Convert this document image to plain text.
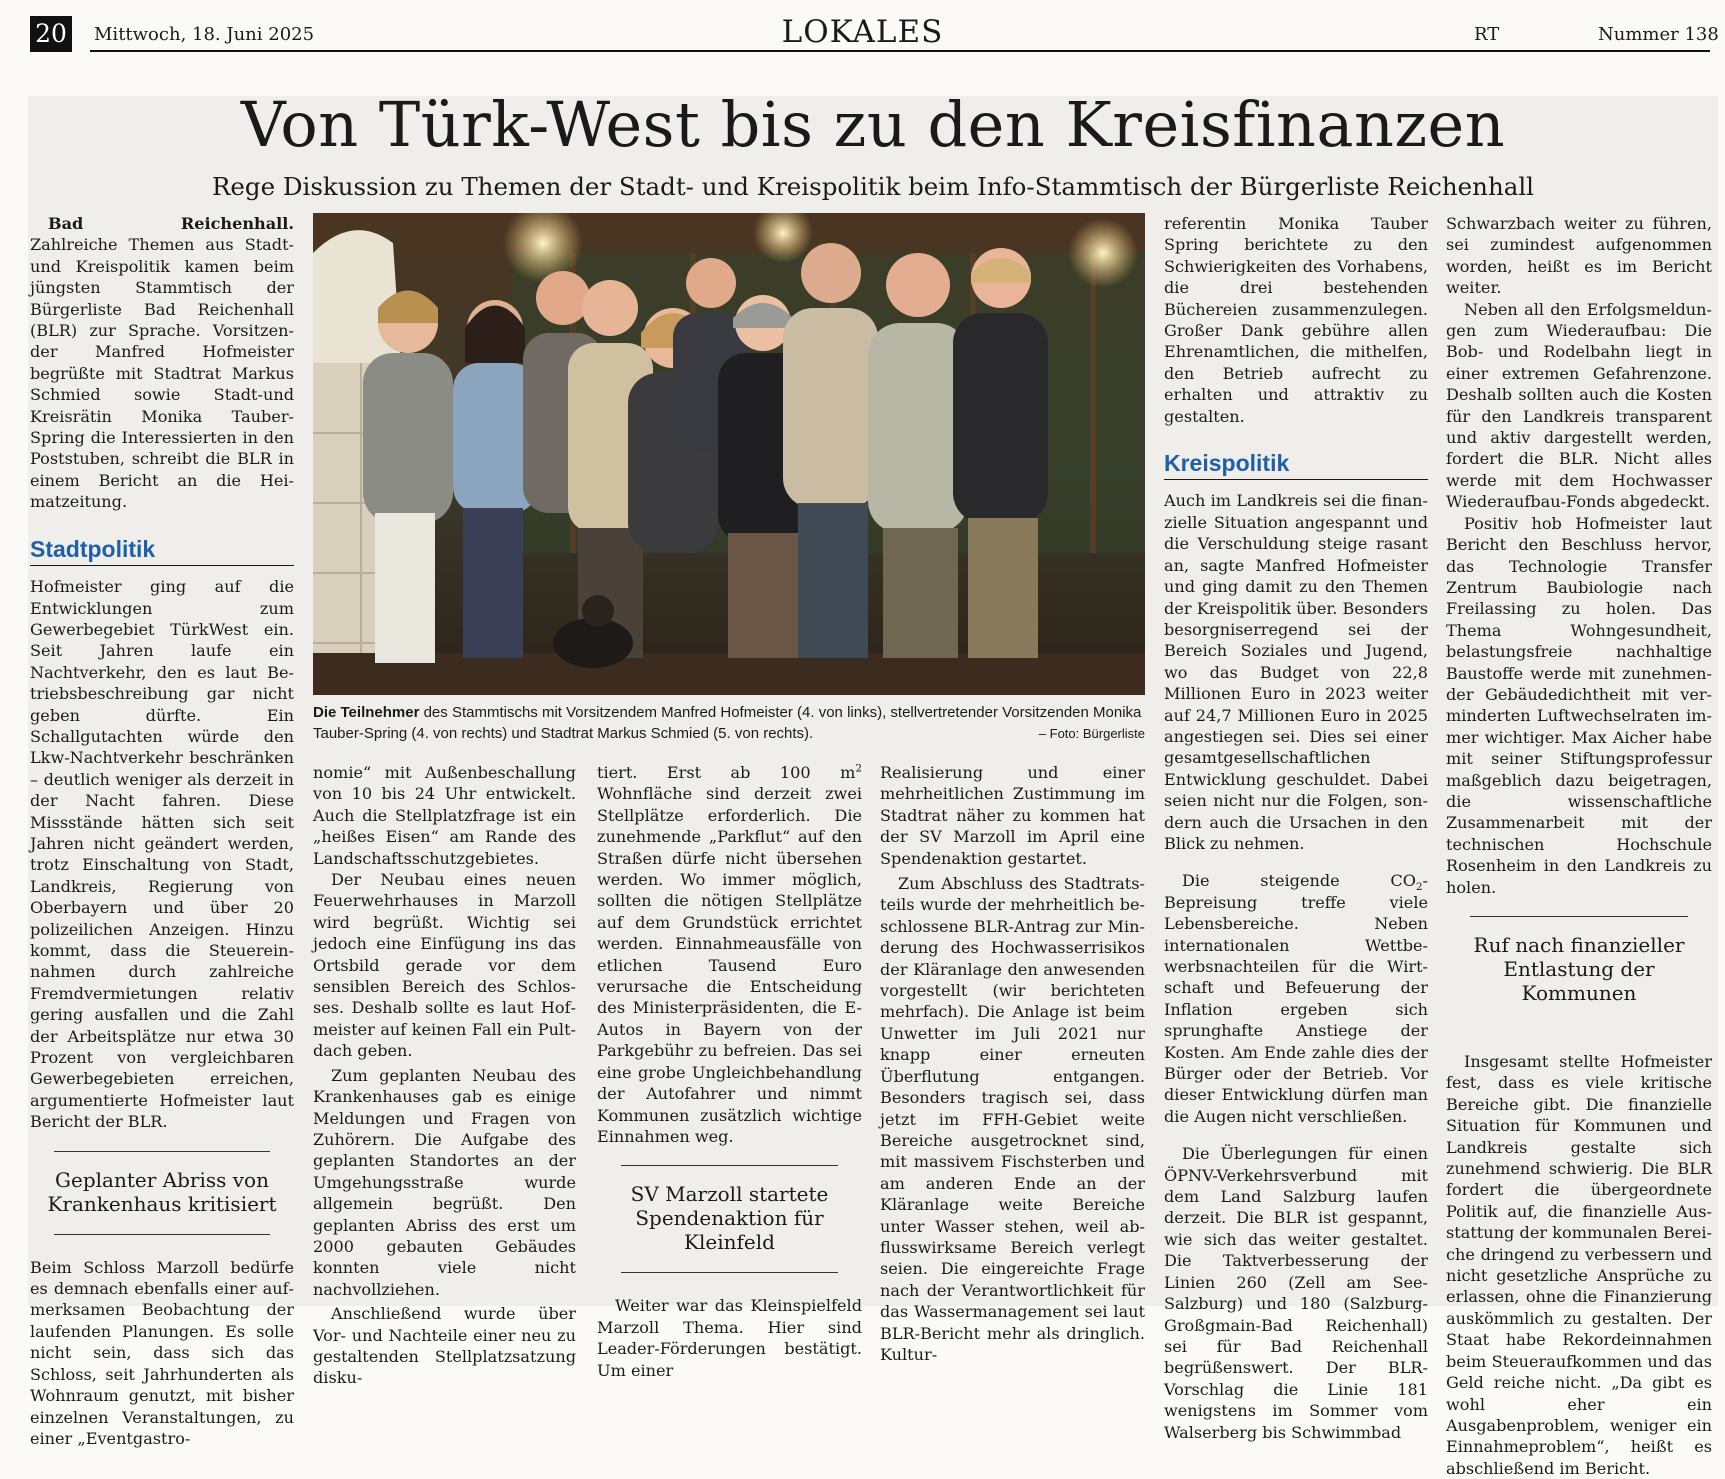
20 Mittwoch, 18. Juni 2025	LOKALES	RT	Nummer 138
Von Türk-West bis zu den Kreisfinanzen
Rege Diskussion zu Themen der Stadt- und Kreispolitik beim Info-Stammtisch der Bürgerliste Reichenhall

Bad Reichenhall. Zahlreiche Themen aus Stadt- und Kreispolitik kamen beim jüngsten Stammtisch der Bürgerliste Bad Reichenhall (BLR) zur Sprache. Vorsitzender Manfred Hofmeister begrüßte mit Stadtrat Markus Schmied sowie Stadt-und Kreisrätin Monika Tauber-Spring die Interessierten in den Poststuben, schreibt die BLR in einem Bericht an die Heimatzeitung.

Stadtpolitik

Hofmeister ging auf die Entwicklungen zum Gewerbegebiet TürkWest ein. Seit Jahren laufe ein Nachtverkehr, den es laut Betriebsbeschreibung gar nicht geben dürfte. Ein Schallgutachten würde den Lkw-Nachtverkehr beschränken – deutlich weniger als derzeit in der Nacht fahren. Diese Missstände hätten sich seit Jahren nicht geändert werden, trotz Einschaltung von Stadt, Landkreis, Regierung von Oberbayern und über 20 polizeilichen Anzeigen. Hinzu kommt, dass die Steuereinnahmen durch zahlreiche Fremdvermietungen relativ gering ausfallen und die Zahl der Arbeitsplätze nur etwa 30 Prozent von vergleichbaren Gewerbegebieten erreichen, argumentierte Hofmeister laut Bericht der BLR.

Geplanter Abriss von Krankenhaus kritisiert

Beim Schloss Marzoll bedürfe es demnach ebenfalls einer aufmerksamen Beobachtung der laufenden Planungen. Es solle nicht sein, dass sich das Schloss, seit Jahrhunderten als Wohnraum genutzt, mit bisher einzelnen Veranstaltungen, zu einer „Eventgastro-

Die Teilnehmer des Stammtischs mit Vorsitzendem Manfred Hofmeister (4. von links), stellvertretender Vorsitzenden Monika Tauber-Spring (4. von rechts) und Stadtrat Markus Schmied (5. von rechts).	– Foto: Bürgerliste

nomie“ mit Außenbeschallung von 10 bis 24 Uhr entwickelt. Auch die Stellplatzfrage ist ein „heißes Eisen“ am Rande des Landschaftsschutzgebietes.

Der Neubau eines neuen Feuerwehrhauses in Marzoll wird begrüßt. Wichtig sei jedoch eine Einfügung ins das Ortsbild gerade vor dem sensiblen Bereich des Schlosses. Deshalb sollte es laut Hofmeister auf keinen Fall ein Pultdach geben.

Zum geplanten Neubau des Krankenhauses gab es einige Meldungen und Fragen von Zuhörern. Die Aufgabe des geplanten Standortes an der Umgehungsstraße wurde allgemein begrüßt. Den geplanten Abriss des erst um 2000 gebauten Gebäudes konnten viele nicht nachvollziehen.

Anschließend wurde über Vor- und Nachteile einer neu zu gestaltenden Stellplatzsatzung disku-

tiert. Erst ab 100 $m^2$ Wohnfläche sind derzeit zwei Stellplätze erforderlich. Die zunehmende „Parkflut“ auf den Straßen dürfe nicht übersehen werden. Wo immer möglich, sollten die nötigen Stellplätze auf dem Grundstück errichtet werden. Einnahmeausfälle von etlichen Tausend Euro verursache die Entscheidung des Ministerpräsidenten, die E-Autos in Bayern von der Parkgebühr zu befreien. Das sei eine grobe Ungleichbehandlung der Autofahrer und nimmt Kommunen zusätzlich wichtige Einnahmen weg.

SV Marzoll startete Spendenaktion für Kleinfeld

Weiter war das Kleinspielfeld Marzoll Thema. Hier sind Leader-Förderungen bestätigt. Um einer

Realisierung und einer mehrheitlichen Zustimmung im Stadtrat näher zu kommen hat der SV Marzoll im April eine Spendenaktion gestartet.

Zum Abschluss des Stadtratsteils wurde der mehrheitlich beschlossene BLR-Antrag zur Minderung des Hochwasserrisikos der Kläranlage den anwesenden vorgestellt (wir berichteten mehrfach). Die Anlage ist beim Unwetter im Juli 2021 nur knapp einer erneuten Überflutung entgangen. Besonders tragisch sei, dass jetzt im FFH-Gebiet weite Bereiche ausgetrocknet sind, mit massivem Fischsterben und am anderen Ende an der Kläranlage weite Bereiche unter Wasser stehen, weil abflusswirksame Bereich verlegt seien. Die eingereichte Frage nach der Verantwortlichkeit für das Wassermanagement sei laut BLR-Bericht mehr als dringlich. Kultur-

referentin Monika Tauber Spring berichtete zu den Schwierigkeiten des Vorhabens, die drei bestehenden Büchereien zusammenzulegen. Großer Dank gebühre allen Ehrenamtlichen, die mithelfen, den Betrieb aufrecht zu erhalten und attraktiv zu gestalten.

Kreispolitik

Auch im Landkreis sei die finanzielle Situation angespannt und die Verschuldung steige rasant an, sagte Manfred Hofmeister und ging damit zu den Themen der Kreispolitik über. Besonders besorgniserregend sei der Bereich Soziales und Jugend, wo das Budget von 22,8 Millionen Euro in 2023 weiter auf 24,7 Millionen Euro in 2025 angestiegen sei. Dies sei einer gesamtgesellschaftlichen Entwicklung geschuldet. Dabei seien nicht nur die Folgen, sondern auch die Ursachen in den Blick zu nehmen.

Die steigende $CO_2$-Bepreisung treffe viele Lebensbereiche. Neben internationalen Wettbewerbsnachteilen für die Wirtschaft und Befeuerung der Inflation ergeben sich sprunghafte Anstiege der Kosten. Am Ende zahle dies der Bürger oder der Betrieb. Vor dieser Entwicklung dürfen man die Augen nicht verschließen.

Die Überlegungen für einen ÖPNV-Verkehrsverbund mit dem Land Salzburg laufen derzeit. Die BLR ist gespannt, wie sich das weiter gestaltet. Die Taktverbesserung der Linien 260 (Zell am See-Salzburg) und 180 (Salzburg-Großgmain-Bad Reichenhall) sei für Bad Reichenhall begrüßenswert. Der BLR-Vorschlag die Linie 181 wenigstens im Sommer vom Walserberg bis Schwimmbad

Schwarzbach weiter zu führen, sei zumindest aufgenommen worden, heißt es im Bericht weiter.

Neben all den Erfolgsmeldungen zum Wiederaufbau: Die Bob- und Rodelbahn liegt in einer extremen Gefahrenzone. Deshalb sollten auch die Kosten für den Landkreis transparent und aktiv dargestellt werden, fordert die BLR. Nicht alles werde mit dem Hochwasser Wiederaufbau-Fonds abgedeckt.

Positiv hob Hofmeister laut Bericht den Beschluss hervor, das Technologie Transfer Zentrum Baubiologie nach Freilassing zu holen. Das Thema Wohngesundheit, belastungsfreie nachhaltige Baustoffe werde mit zunehmender Gebäudedichtheit mit verminderten Luftwechselraten immer wichtiger. Max Aicher habe mit seiner Stiftungsprofessur maßgeblich dazu beigetragen, die wissenschaftliche Zusammenarbeit mit der technischen Hochschule Rosenheim in den Landkreis zu holen.

Ruf nach finanzieller Entlastung der Kommunen

Insgesamt stellte Hofmeister fest, dass es viele kritische Bereiche gibt. Die finanzielle Situation für Kommunen und Landkreis gestalte sich zunehmend schwierig. Die BLR fordert die übergeordnete Politik auf, die finanzielle Ausstattung der kommunalen Bereiche dringend zu verbessern und nicht gesetzliche Ansprüche zu erlassen, ohne die Finanzierung auskömmlich zu gestalten. Der Staat habe Rekordeinnahmen beim Steueraufkommen und das Geld reiche nicht. „Da gibt es wohl eher ein Ausgabenproblem, weniger ein Einnahmeproblem“, heißt es abschließend im Bericht.
